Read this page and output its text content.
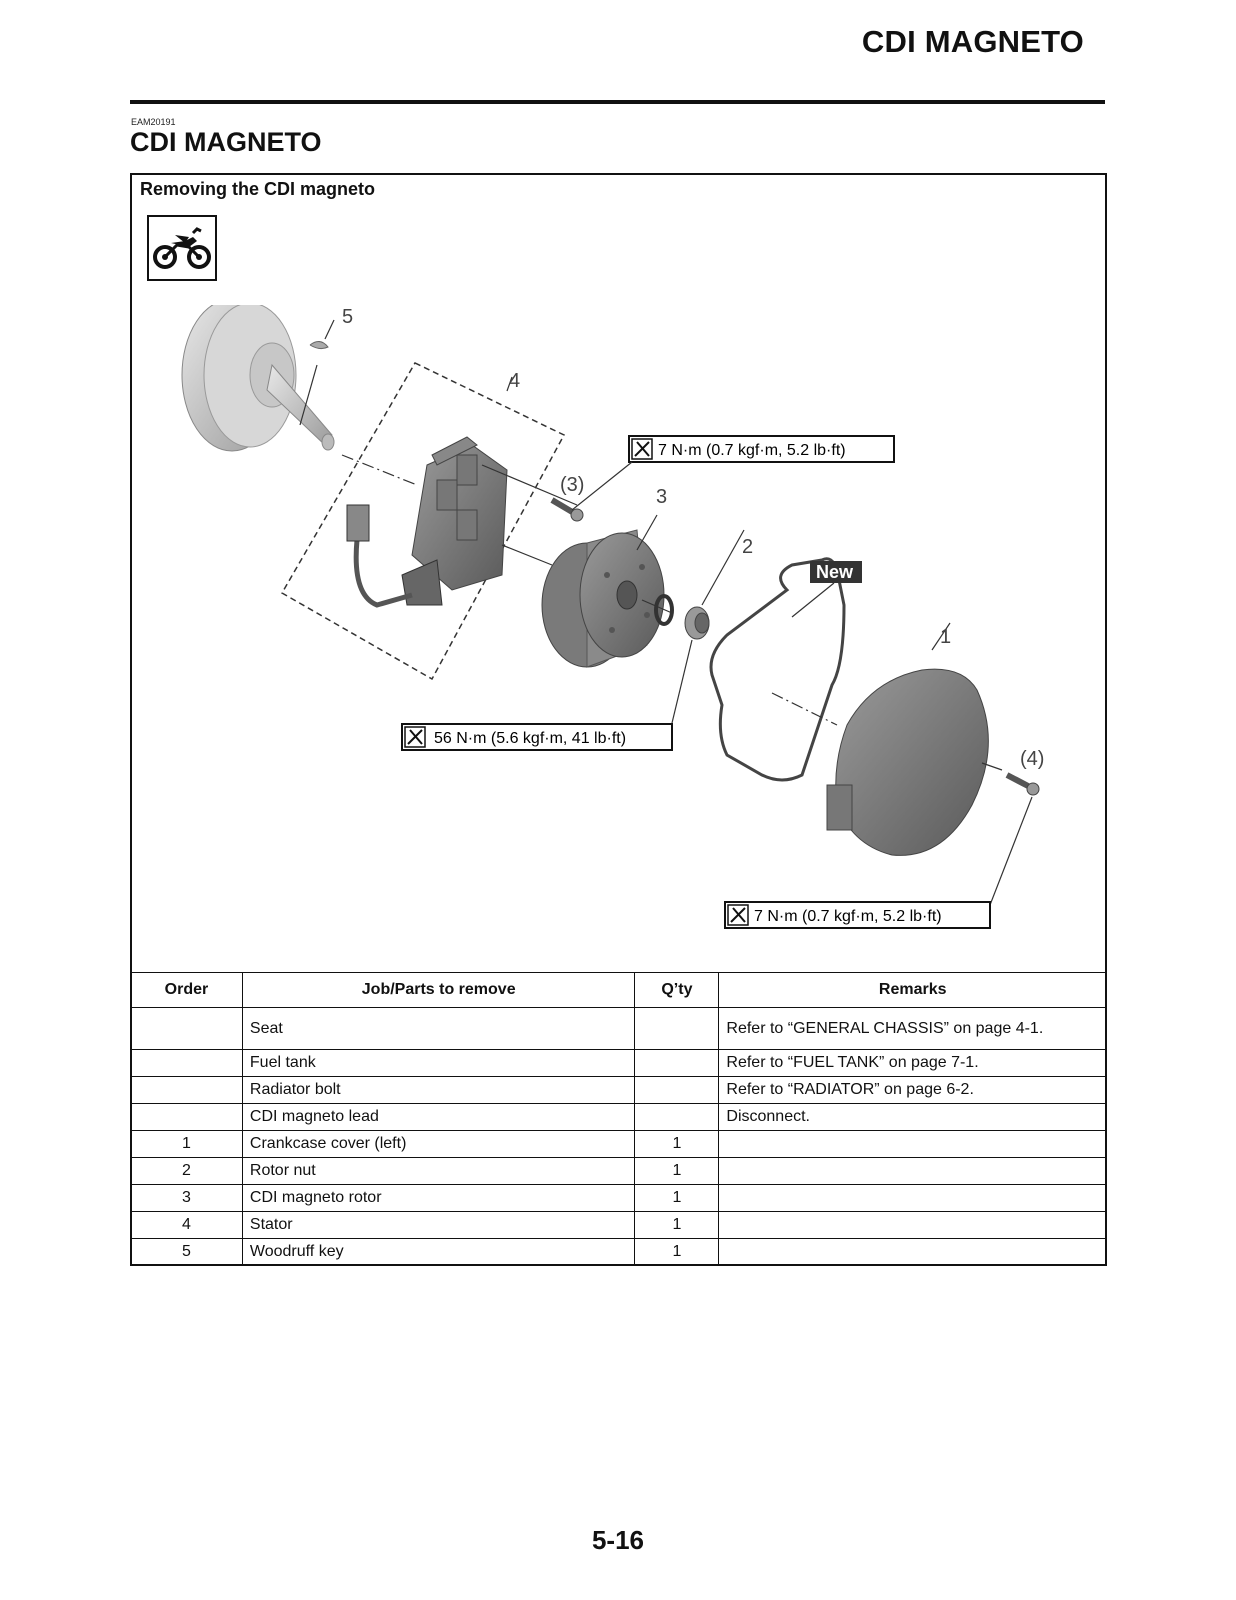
CDI MAGNETO
EAM20191
CDI MAGNETO
Removing the CDI magneto
5
4
3
2
1
(3)
(4)
New
7 N·m (0.7 kgf·m, 5.2 lb·ft)
56 N·m (5.6 kgf·m, 41 lb·ft)
7 N·m (0.7 kgf·m, 5.2 lb·ft)
Order	Job/Parts to remove	Q’ty	Remarks
	Seat		Refer to “GENERAL CHASSIS” on page 4-1.
	Fuel tank		Refer to “FUEL TANK” on page 7-1.
	Radiator bolt		Refer to “RADIATOR” on page 6-2.
	CDI magneto lead		Disconnect.
1	Crankcase cover (left)	1	
2	Rotor nut	1	
3	CDI magneto rotor	1	
4	Stator	1	
5	Woodruff key	1	
5-16
